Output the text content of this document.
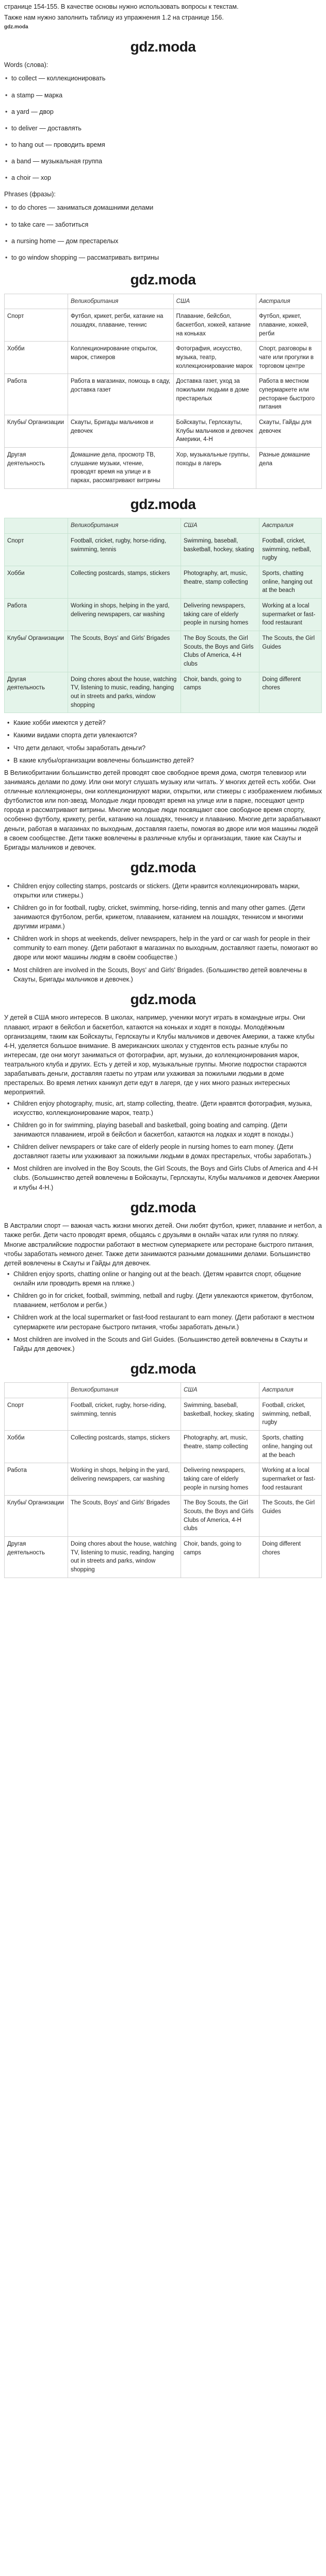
странице 154-155. В качестве основы нужно использовать вопросы к текстам.

Также нам нужно заполнить таблицу из упражнения 1.2 на странице 156.

gdz.moda
gdz.moda

Words (слова):

• to collect — коллекционировать
• a stamp — марка
• a yard — двор
• to deliver — доставлять
• to hang out — проводить время
• a band — музыкальная группа
• a choir — хор

Phrases (фразы):

• to do chores — заниматься домашними делами
• to take care — заботиться
• a nursing home — дом престарелых
• to go window shopping — рассматривать витрины
gdz.moda
	Великобритания	США	Австралия
Спорт	Футбол, крикет, регби, катание на лошадях, плавание, теннис	Плавание, бейсбол, баскетбол, хоккей, катание на коньках	Футбол, крикет, плавание, хоккей, регби
Хобби	Коллекционирование открыток, марок, стикеров	Фотография, искусство, музыка, театр, коллекционирование марок	Спорт, разговоры в чате или прогулки в торговом центре
Работа	Работа в магазинах, помощь в саду, доставка газет	Доставка газет, уход за пожилыми людьми в доме престарелых	Работа в местном супермаркете или ресторане быстрого питания
Клубы/ Организации	Скауты, Бригады мальчиков и девочек	Бойскауты, Герлскауты, Клубы мальчиков и девочек Америки, 4-Н	Скауты, Гайды для девочек
Другая деятельность	Домашние дела, просмотр ТВ, слушание музыки, чтение, проводят время на улице и в парках, рассматривают витрины	Хор, музыкальные группы, походы в лагерь	Разные домашние дела
gdz.moda
	Великобритания	США	Австралия
Спорт	Football, cricket, rugby, horse-riding, swimming, tennis	Swimming, baseball, basketball, hockey, skating	Football, cricket, swimming, netball, rugby
Хобби	Collecting postcards, stamps, stickers	Photography, art, music, theatre, stamp collecting	Sports, chatting online, hanging out at the beach
Работа	Working in shops, helping in the yard, delivering newspapers, car washing	Delivering newspapers, taking care of elderly people in nursing homes	Working at a local supermarket or fast-food restaurant
Клубы/ Организации	The Scouts, Boys' and Girls' Brigades	The Boy Scouts, the Girl Scouts, the Boys and Girls Clubs of America, 4-H clubs	The Scouts, the Girl Guides
Другая деятельность	Doing chores about the house, watching TV, listening to music, reading, hanging out in streets and parks, window shopping	Choir, bands, going to camps	Doing different chores
• Какие хобби имеются у детей?
• Какими видами спорта дети увлекаются?
• Что дети делают, чтобы заработать деньги?
• В какие клубы/организации вовлечены большинство детей?

В Великобритании большинство детей проводят свое свободное время дома, смотря телевизор или занимаясь делами по дому. Или они могут слушать музыку или читать. У многих детей есть хобби. Они отличные коллекционеры, они коллекционируют марки, открытки, или стикеры с изображением любимых футболистов или поп-звезд. Молодые люди проводят время на улице или в парке, посещают центр города и рассматривают витрины. Многие молодые люди посвящают свое свободное время спорту, особенно футболу, крикету, регби, катанию на лошадях, теннису и плаванию. Многие дети зарабатывают деньги, работая в магазинах по выходным, доставляя газеты, помогая во дворе или моя машины людей в своем сообществе. Дети также вовлечены в различные клубы и организации, такие как Скауты и Бригады мальчиков и девочек.

gdz.moda
• Children enjoy collecting stamps, postcards or stickers. (Дети нравится коллекционировать марки, открытки или стикеры.)
• Children go in for football, rugby, cricket, swimming, horse-riding, tennis and many other games. (Дети занимаются футболом, регби, крикетом, плаванием, катанием на лошадях, теннисом и многими другими играми.)
• Children work in shops at weekends, deliver newspapers, help in the yard or car wash for people in their community to earn money. (Дети работают в магазинах по выходным, доставляют газеты, помогают во дворе или моют машины людям в своём сообществе.)
• Most children are involved in the Scouts, Boys' and Girls' Brigades. (Большинство детей вовлечены в Скауты, Бригады мальчиков и девочек.)
gdz.moda

У детей в США много интересов. В школах, например, ученики могут играть в командные игры. Они плавают, играют в бейсбол и баскетбол, катаются на коньках и ходят в походы. Молодёжным организациям, таким как Бойскауты, Герлскауты и Клубы мальчиков и девочек Америки, а также клубы 4-H, уделяется большое внимание. В американских школах у студентов есть разные клубы по интересам, где они могут заниматься от фотографии, арт, музыки, до коллекционирования марок, театрального клуба и других. Есть у детей и хор, музыкальные группы. Многие подростки стараются зарабатывать деньги, доставляя газеты по утрам или ухаживая за пожилыми людьми в доме престарелых. Во время летних каникул дети едут в лагеря, где у них много разных интересных мероприятий.

• Children enjoy photography, music, art, stamp collecting, theatre. (Дети нравятся фотография, музыка, искусство, коллекционирование марок, театр.)
• Children go in for swimming, playing baseball and basketball, going boating and camping. (Дети занимаются плаванием, игрой в бейсбол и баскетбол, катаются на лодках и ходят в походы.)
• Children deliver newspapers or take care of elderly people in nursing homes to earn money. (Дети доставляют газеты или ухаживают за пожилыми людьми в домах престарелых, чтобы заработать.)
• Most children are involved in the Boy Scouts, the Girl Scouts, the Boys and Girls Clubs of America and 4-H clubs. (Большинство детей вовлечены в Бойскауты, Герлскауты, Клубы мальчиков и девочек Америки и клубы 4-H.)
gdz.moda

В Австралии спорт — важная часть жизни многих детей. Они любят футбол, крикет, плавание и нетбол, а также регби. Дети часто проводят время, общаясь с друзьями в онлайн чатах или гуляя по пляжу. Многие австралийские подростки работают в местном супермаркете или ресторане быстрого питания, чтобы заработать немного денег. Также дети занимаются разными домашними делами. Большинство детей вовлечены в Скауты и Гайды для девочек.

• Children enjoy sports, chatting online or hanging out at the beach. (Детям нравится спорт, общение онлайн или проводить время на пляже.)
• Children go in for cricket, football, swimming, netball and rugby. (Дети увлекаются крикетом, футболом, плаванием, нетболом и регби.)
• Children work at the local supermarket or fast-food restaurant to earn money. (Дети работают в местном супермаркете или ресторане быстрого питания, чтобы заработать деньги.)
• Most children are involved in the Scouts and Girl Guides. (Большинство детей вовлечены в Скауты и Гайды для девочек.)
gdz.moda
	Великобритания	США	Австралия
Спорт	Football, cricket, rugby, horse-riding, swimming, tennis	Swimming, baseball, basketball, hockey, skating	Football, cricket, swimming, netball, rugby
Хобби	Collecting postcards, stamps, stickers	Photography, art, music, theatre, stamp collecting	Sports, chatting online, hanging out at the beach
Работа	Working in shops, helping in the yard, delivering newspapers, car washing	Delivering newspapers, taking care of elderly people in nursing homes	Working at a local supermarket or fast-food restaurant
Клубы/ Организации	The Scouts, Boys' and Girls' Brigades	The Boy Scouts, the Girl Scouts, the Boys and Girls Clubs of America, 4-H clubs	The Scouts, the Girl Guides
Другая деятельность	Doing chores about the house, watching TV, listening to music, reading, hanging out in streets and parks, window shopping	Choir, bands, going to camps	Doing different chores
